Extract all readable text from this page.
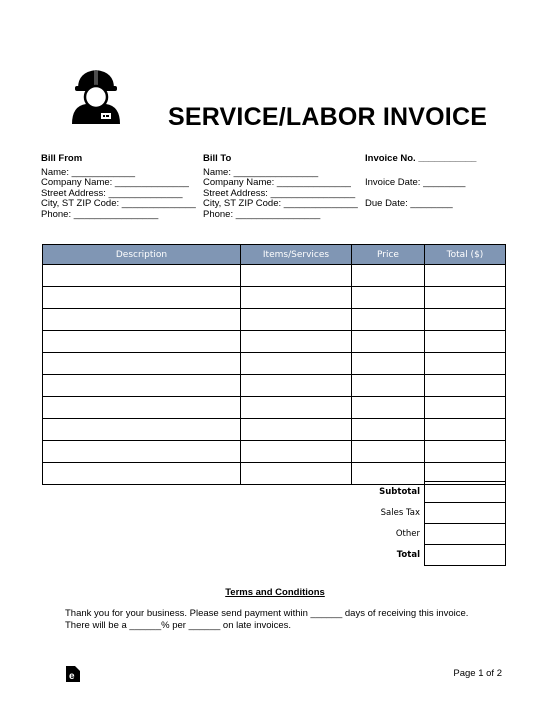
SERVICE/LABOR INVOICE
Bill From
Name: ____________
Company Name: ______________
Street Address: ______________
City, ST ZIP Code: ______________
Phone: ________________
Bill To
Name: ________________
Company Name: ______________
Street Address: ________________
City, ST ZIP Code: ______________
Phone: ________________
Invoice No. ___________
Invoice Date: ________
Due Date: ________
Description	Items/Services	Price	Total ($)

Subtotal	
Sales Tax	
Other	
Total	
Terms and Conditions
Thank you for your business. Please send payment within ______ days of receiving this invoice. There will be a ______% per ______ on late invoices.
e	Page 1 of 2
